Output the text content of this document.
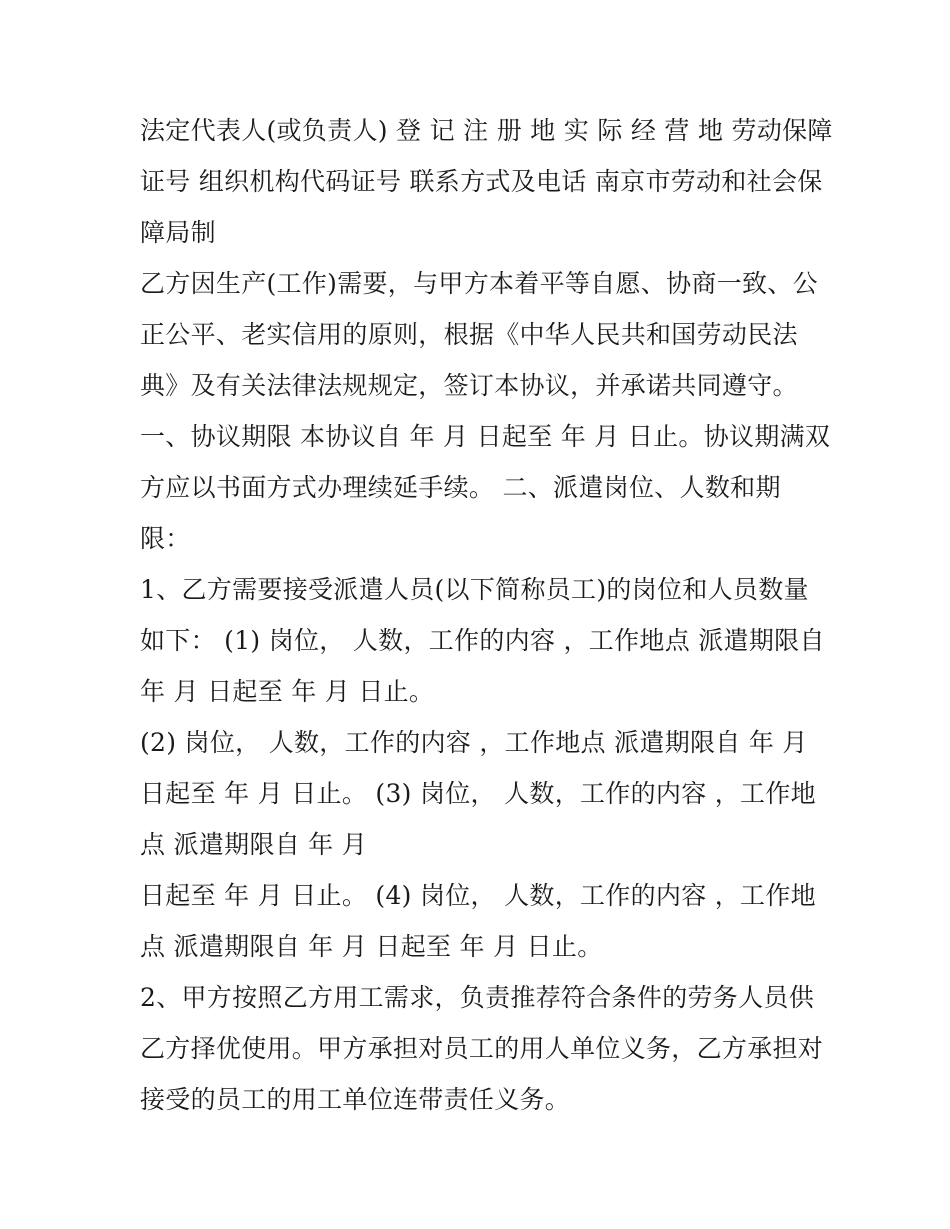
法定代表人(或负责人) 登 记 注 册 地 实 际 经 营 地 劳动保障
证号 组织机构代码证号 联系方式及电话 南京市劳动和社会保
障局制
乙方因生产(工作)需要，与甲方本着平等自愿、协商一致、公
正公平、老实信用的原则，根据《中华人民共和国劳动民法
典》及有关法律法规规定，签订本协议，并承诺共同遵守。
一、协议期限 本协议自 年 月 日起至 年 月 日止。协议期满双
方应以书面方式办理续延手续。 二、派遣岗位、人数和期
限：
1、乙方需要接受派遣人员(以下简称员工)的岗位和人员数量
如下： (1) 岗位， 人数，工作的内容 ，工作地点 派遣期限自
年 月 日起至 年 月 日止。
(2) 岗位， 人数，工作的内容 ，工作地点 派遣期限自 年 月
日起至 年 月 日止。 (3) 岗位， 人数，工作的内容 ，工作地
点 派遣期限自 年 月
日起至 年 月 日止。 (4) 岗位， 人数，工作的内容 ，工作地
点 派遣期限自 年 月 日起至 年 月 日止。
2、甲方按照乙方用工需求，负责推荐符合条件的劳务人员供
乙方择优使用。甲方承担对员工的用人单位义务，乙方承担对
接受的员工的用工单位连带责任义务。
